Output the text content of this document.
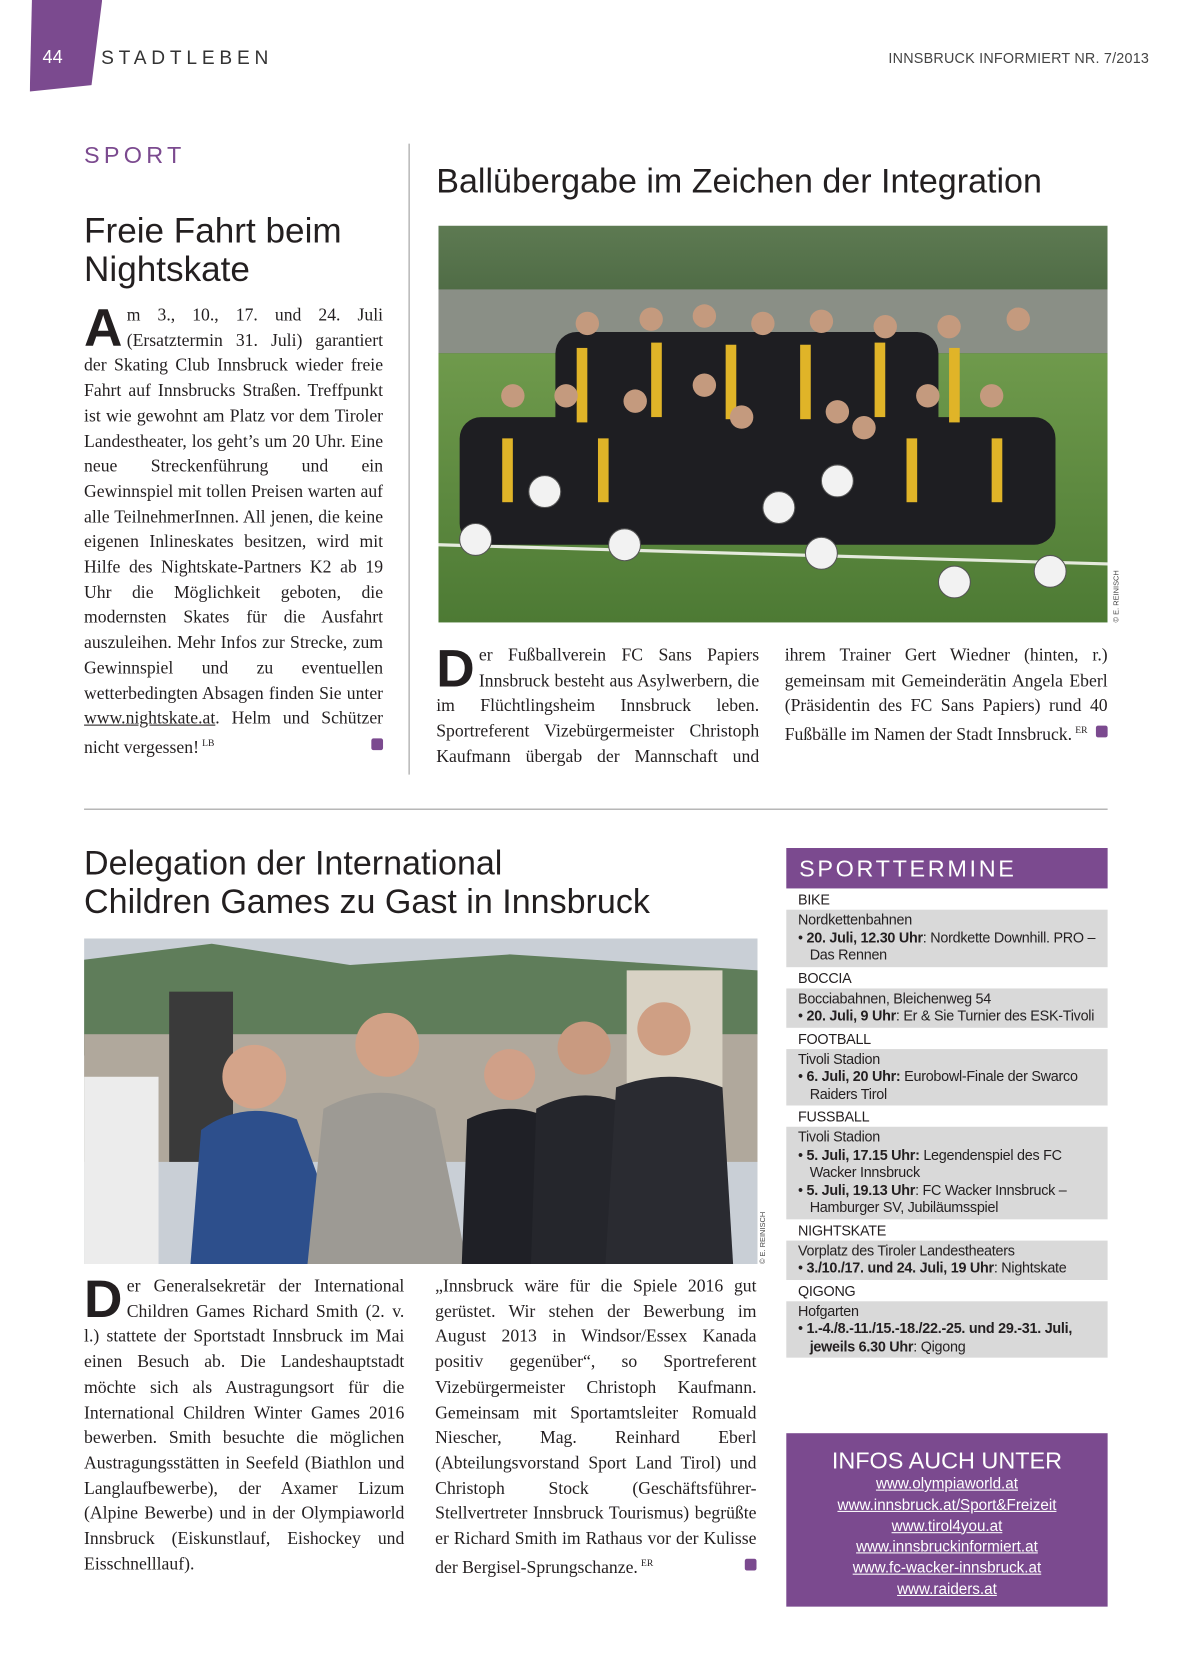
44 STADTLEBEN	INNSBRUCK INFORMIERT NR. 7/2013
SPORT
Freie Fahrt beim
Nightskate

Am 3., 10., 17. und 24. Juli (Ersatztermin 31. Juli) garantiert der Skating Club Innsbruck wieder freie Fahrt auf Innsbrucks Straßen. Treffpunkt ist wie gewohnt am Platz vor dem Tiroler Landestheater, los geht’s um 20 Uhr. Eine neue Streckenführung und ein Gewinnspiel mit tollen Preisen warten auf alle TeilnehmerInnen. All jenen, die keine eigenen Inlineskates besitzen, wird mit Hilfe des Nightskate-Partners K2 ab 19 Uhr die Möglichkeit geboten, die modernsten Skates für die Ausfahrt auszuleihen. Mehr Infos zur Strecke, zum Gewinnspiel und zu eventuellen wetterbedingten Absagen finden Sie unter www.nightskate.at. Helm und Schützer nicht vergessen! $^{LB}$

Ballübergabe im Zeichen der Integration
© E. REINISCH

Der Fußballverein FC Sans Papiers Innsbruck besteht aus Asylwerbern, die im Flüchtlingsheim Innsbruck leben. Sportreferent Vizebürgermeister Christoph Kaufmann übergab der Mannschaft und ihrem Trainer Gert Wiedner (hinten, r.) gemeinsam mit Gemeinderätin Angela Eberl (Präsidentin des FC Sans Papiers) rund 40 Fußbälle im Namen der Stadt Innsbruck. $^{ER}$

Delegation der International
Children Games zu Gast in Innsbruck
© E. REINISCH

Der Generalsekretär der International Children Games Richard Smith (2. v. l.) stattete der Sportstadt Innsbruck im Mai einen Besuch ab. Die Landeshauptstadt möchte sich als Austragungsort für die International Children Winter Games 2016 bewerben. Smith besuchte die möglichen Austragungsstätten in Seefeld (Biathlon und Langlaufbewerbe), der Axamer Lizum (Alpine Bewerbe) und in der Olympiaworld Innsbruck (Eiskunstlauf, Eishockey und Eisschnelllauf).

„Innsbruck wäre für die Spiele 2016 gut gerüstet. Wir stehen der Bewerbung im August 2013 in Windsor/Essex Kanada positiv gegenüber“, so Sportreferent Vizebürgermeister Christoph Kaufmann. Gemeinsam mit Sportamtsleiter Romuald Niescher, Mag. Reinhard Eberl (Abteilungsvorstand Sport Land Tirol) und Christoph Stock (Geschäftsführer-Stellvertreter Innsbruck Tourismus) begrüßte er Richard Smith im Rathaus vor der Kulisse der Bergisel-Sprungschanze. $^{ER}$

SPORTTERMINE
BIKE
Nordkettenbahnen
• 20. Juli, 12.30 Uhr: Nordkette Downhill. PRO – Das Rennen
BOCCIA
Bocciabahnen, Bleichenweg 54
• 20. Juli, 9 Uhr: Er & Sie Turnier des ESK-Tivoli
FOOTBALL
Tivoli Stadion
• 6. Juli, 20 Uhr: Eurobowl-Finale der Swarco Raiders Tirol
FUSSBALL
Tivoli Stadion
• 5. Juli, 17.15 Uhr: Legendenspiel des FC Wacker Innsbruck
• 5. Juli, 19.13 Uhr: FC Wacker Innsbruck – Hamburger SV, Jubiläumsspiel
NIGHTSKATE
Vorplatz des Tiroler Landestheaters
• 3./10./17. und 24. Juli, 19 Uhr: Nightskate
QIGONG
Hofgarten
• 1.-4./8.-11./15.-18./22.-25. und 29.-31. Juli, jeweils 6.30 Uhr: Qigong
INFOS AUCH UNTER
www.olympiaworld.at
www.innsbruck.at/Sport&Freizeit
www.tirol4you.at
www.innsbruckinformiert.at
www.fc-wacker-innsbruck.at
www.raiders.at
